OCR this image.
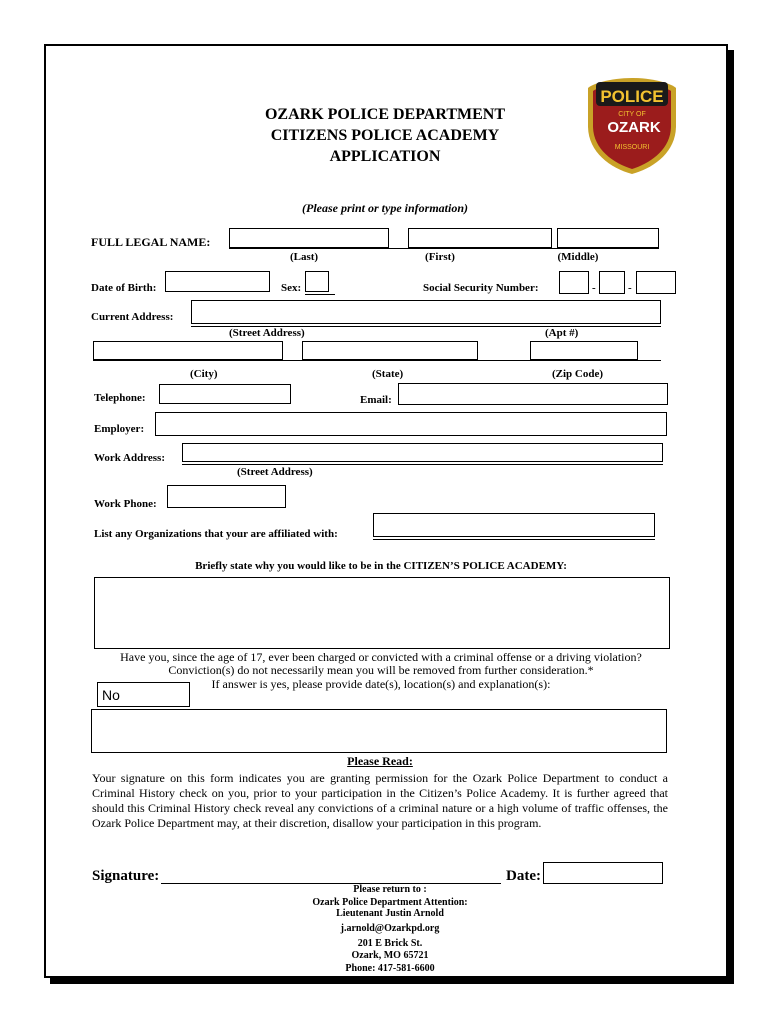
POLICE
CITY OF
OZARK
MISSOURI
OZARK POLICE DEPARTMENT
CITIZENS POLICE ACADEMY
APPLICATION
(Please print or type information)
FULL LEGAL NAME:
(Last)	(First)	(Middle)
Date of Birth:	Sex:	Social Security Number:	-	-
Current Address:
(Street Address)	(Apt #)
(City)	(State)	(Zip Code)
Telephone:	Email:
Employer:
Work Address:
(Street Address)
Work Phone:
List any Organizations that your are affiliated with:
Briefly state why you would like to be in the CITIZEN’S POLICE ACADEMY:
Have you, since the age of 17, ever been charged or convicted with a criminal offense or a driving violation?
Conviction(s) do not necessarily mean you will be removed from further consideration.*
If answer is yes, please provide date(s), location(s) and explanation(s):
No
Please Read:
Your signature on this form indicates you are granting permission for the Ozark Police Department to conduct a Criminal History check on you, prior to your participation in the Citizen’s Police Academy. It is further agreed that should this Criminal History check reveal any convictions of a criminal nature or a high volume of traffic offenses, the Ozark Police Department may, at their discretion, disallow your participation in this program.
Signature:	Date:
Please return to :
Ozark Police Department Attention:
Lieutenant Justin Arnold
j.arnold@Ozarkpd.org
201 E Brick St.
Ozark, MO 65721
Phone: 417-581-6600
